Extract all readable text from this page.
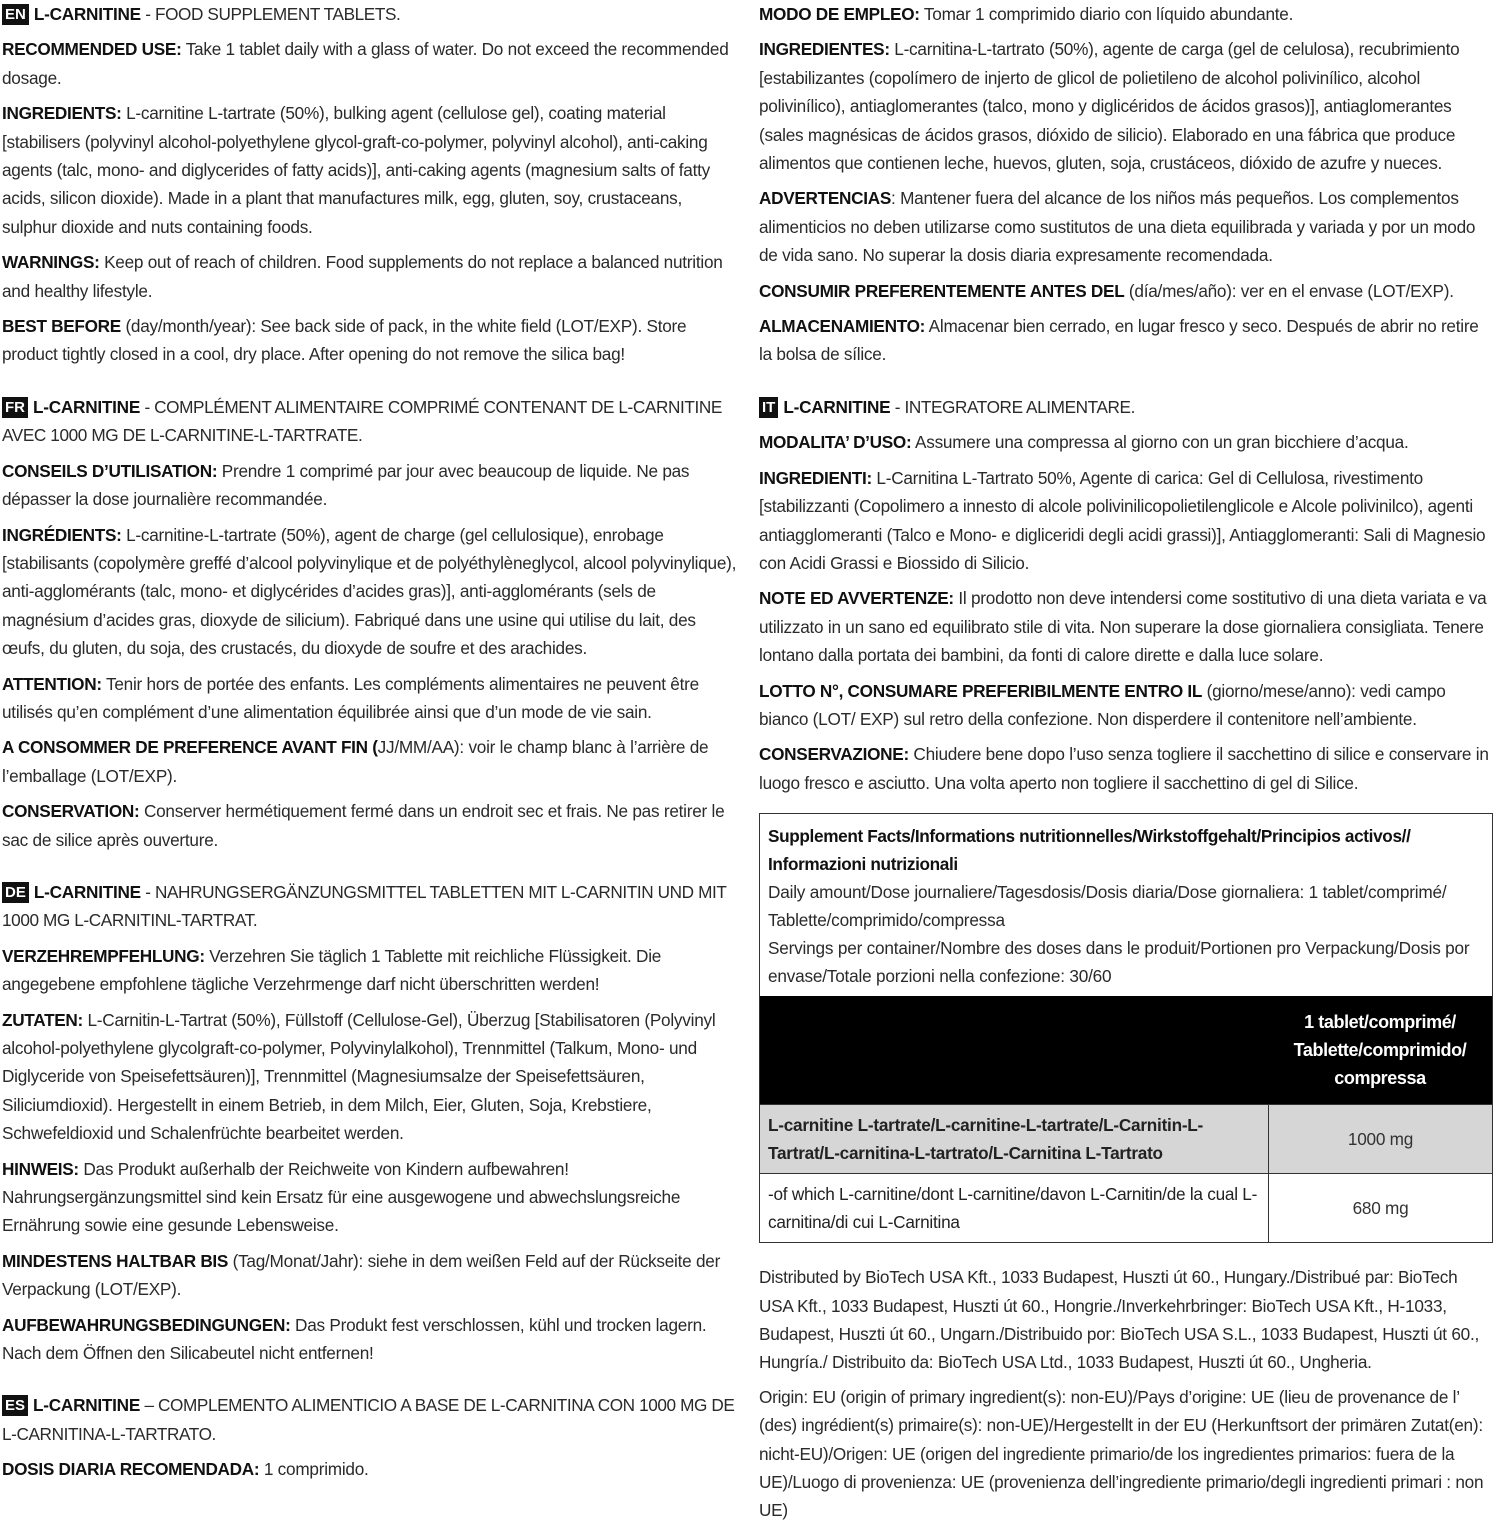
EN L-CARNITINE - FOOD SUPPLEMENT TABLETS.

RECOMMENDED USE: Take 1 tablet daily with a glass of water. Do not exceed the recommended dosage.

INGREDIENTS: L-carnitine L-tartrate (50%), bulking agent (cellulose gel), coating material [stabilisers (polyvinyl alcohol-polyethylene glycol-graft-co-polymer, polyvinyl alcohol), anti-caking agents (talc, mono- and diglycerides of fatty acids)], anti-caking agents (magnesium salts of fatty acids, silicon dioxide). Made in a plant that manufactures milk, egg, gluten, soy, crustaceans, sulphur dioxide and nuts containing foods.

WARNINGS: Keep out of reach of children. Food supplements do not replace a balanced nutrition and healthy lifestyle.

BEST BEFORE (day/month/year): See back side of pack, in the white field (LOT/EXP). Store product tightly closed in a cool, dry place. After opening do not remove the silica bag!

FR L-CARNITINE - COMPLÉMENT ALIMENTAIRE COMPRIMÉ CONTENANT DE L-CARNITINE AVEC 1000 MG DE L-CARNITINE-L-TARTRATE.

CONSEILS D’UTILISATION: Prendre 1 comprimé par jour avec beaucoup de liquide. Ne pas dépasser la dose journalière recommandée.

INGRÉDIENTS: L-carnitine-L-tartrate (50%), agent de charge (gel cellulosique), enrobage [stabilisants (copolymère greffé d’alcool polyvinylique et de polyéthylèneglycol, alcool polyvinylique), anti-agglomérants (talc, mono- et diglycérides d’acides gras)], anti-agglomérants (sels de magnésium d’acides gras, dioxyde de silicium). Fabriqué dans une usine qui utilise du lait, des œufs, du gluten, du soja, des crustacés, du dioxyde de soufre et des arachides.

ATTENTION: Tenir hors de portée des enfants. Les compléments alimentaires ne peuvent être utilisés qu’en complément d’une alimentation équilibrée ainsi que d’un mode de vie sain.

A CONSOMMER DE PREFERENCE AVANT FIN (JJ/MM/AA): voir le champ blanc à l’arrière de l’emballage (LOT/EXP).

CONSERVATION: Conserver hermétiquement fermé dans un endroit sec et frais. Ne pas retirer le sac de silice après ouverture.

DE L-CARNITINE - NAHRUNGSERGÄNZUNGSMITTEL TABLETTEN MIT L-CARNITIN UND MIT 1000 MG L-CARNITINL-TARTRAT.

VERZEHREMPFEHLUNG: Verzehren Sie täglich 1 Tablette mit reichliche Flüssigkeit. Die angegebene empfohlene tägliche Verzehrmenge darf nicht überschritten werden!

ZUTATEN: L-Carnitin-L-Tartrat (50%), Füllstoff (Cellulose-Gel), Überzug [Stabilisatoren (Polyvinyl alcohol-polyethylene glycolgraft-co-polymer, Polyvinylalkohol), Trennmittel (Talkum, Mono- und Diglyceride von Speisefettsäuren)], Trennmittel (Magnesiumsalze der Speisefettsäuren, Siliciumdioxid). Hergestellt in einem Betrieb, in dem Milch, Eier, Gluten, Soja, Krebstiere, Schwefeldioxid und Schalenfrüchte bearbeitet werden.

HINWEIS: Das Produkt außerhalb der Reichweite von Kindern aufbewahren! Nahrungsergänzungsmittel sind kein Ersatz für eine ausgewogene und abwechslungsreiche Ernährung sowie eine gesunde Lebensweise.

MINDESTENS HALTBAR BIS (Tag/Monat/Jahr): siehe in dem weißen Feld auf der Rückseite der Verpackung (LOT/EXP).

AUFBEWAHRUNGSBEDINGUNGEN: Das Produkt fest verschlossen, kühl und trocken lagern. Nach dem Öffnen den Silicabeutel nicht entfernen!

ES L-CARNITINE – COMPLEMENTO ALIMENTICIO A BASE DE L-CARNITINA CON 1000 MG DE L-CARNITINA-L-TARTRATO.

DOSIS DIARIA RECOMENDADA: 1 comprimido.

MODO DE EMPLEO: Tomar 1 comprimido diario con líquido abundante.

INGREDIENTES: L-carnitina-L-tartrato (50%), agente de carga (gel de celulosa), recubrimiento [estabilizantes (copolímero de injerto de glicol de polietileno de alcohol polivinílico, alcohol polivinílico), antiaglomerantes (talco, mono y diglicéridos de ácidos grasos)], antiaglomerantes (sales magnésicas de ácidos grasos, dióxido de silicio). Elaborado en una fábrica que produce alimentos que contienen leche, huevos, gluten, soja, crustáceos, dióxido de azufre y nueces.

ADVERTENCIAS: Mantener fuera del alcance de los niños más pequeños. Los complementos alimenticios no deben utilizarse como sustitutos de una dieta equilibrada y variada y por un modo de vida sano. No superar la dosis diaria expresamente recomendada.

CONSUMIR PREFERENTEMENTE ANTES DEL (día/mes/año): ver en el envase (LOT/EXP).

ALMACENAMIENTO: Almacenar bien cerrado, en lugar fresco y seco. Después de abrir no retire la bolsa de sílice.

IT L-CARNITINE - INTEGRATORE ALIMENTARE.

MODALITA’ D’USO: Assumere una compressa al giorno con un gran bicchiere d’acqua.

INGREDIENTI: L-Carnitina L-Tartrato 50%, Agente di carica: Gel di Cellulosa, rivestimento [stabilizzanti (Copolimero a innesto di alcole polivinilicopolietilenglicole e Alcole polivinilco), agenti antiagglomeranti (Talco e Mono- e digliceridi degli acidi grassi)], Antiagglomeranti: Sali di Magnesio con Acidi Grassi e Biossido di Silicio.

NOTE ED AVVERTENZE: Il prodotto non deve intendersi come sostitutivo di una dieta variata e va utilizzato in un sano ed equilibrato stile di vita. Non superare la dose giornaliera consigliata. Tenere lontano dalla portata dei bambini, da fonti di calore dirette e dalla luce solare.

LOTTO N°, CONSUMARE PREFERIBILMENTE ENTRO IL (giorno/mese/anno): vedi campo bianco (LOT/ EXP) sul retro della confezione. Non disperdere il contenitore nell’ambiente.

CONSERVAZIONE: Chiudere bene dopo l’uso senza togliere il sacchettino di silice e conservare in luogo fresco e asciutto. Una volta aperto non togliere il sacchettino di gel di Silice.

Supplement Facts/Informations nutritionnelles/Wirkstoffgehalt/Principios activos// Informazioni nutrizionali
Daily amount/Dose journaliere/Tagesdosis/Dosis diaria/Dose giornaliera: 1 tablet/comprimé/ Tablette/comprimido/compressa
Servings per container/Nombre des doses dans le produit/Portionen pro Verpackung/Dosis por envase/Totale porzioni nella confezione: 30/60
1 tablet/comprimé/ Tablette/comprimido/ compressa
L-carnitine L-tartrate/L-carnitine-L-tartrate/L-Carnitin-L-Tartrat/L-carnitina-L-tartrato/L-Carnitina L-Tartrato
1000 mg
-of which L-carnitine/dont L-carnitine/davon L-Carnitin/de la cual L-carnitina/di cui L-Carnitina
680 mg

Distributed by BioTech USA Kft., 1033 Budapest, Huszti út 60., Hungary./Distribué par: BioTech USA Kft., 1033 Budapest, Huszti út 60., Hongrie./Inverkehrbringer: BioTech USA Kft., H-1033, Budapest, Huszti út 60., Ungarn./Distribuido por: BioTech USA S.L., 1033 Budapest, Huszti út 60., Hungría./ Distribuito da: BioTech USA Ltd., 1033 Budapest, Huszti út 60., Ungheria.

Origin: EU (origin of primary ingredient(s): non-EU)/Pays d’origine: UE (lieu de provenance de l’ (des) ingrédient(s) primaire(s): non-UE)/Hergestellt in der EU (Herkunftsort der primären Zutat(en): nicht-EU)/Origen: UE (origen del ingrediente primario/de los ingredientes primarios: fuera de la UE)/Luogo di provenienza: UE (provenienza dell’ingrediente primario/degli ingredienti primari : non UE)
